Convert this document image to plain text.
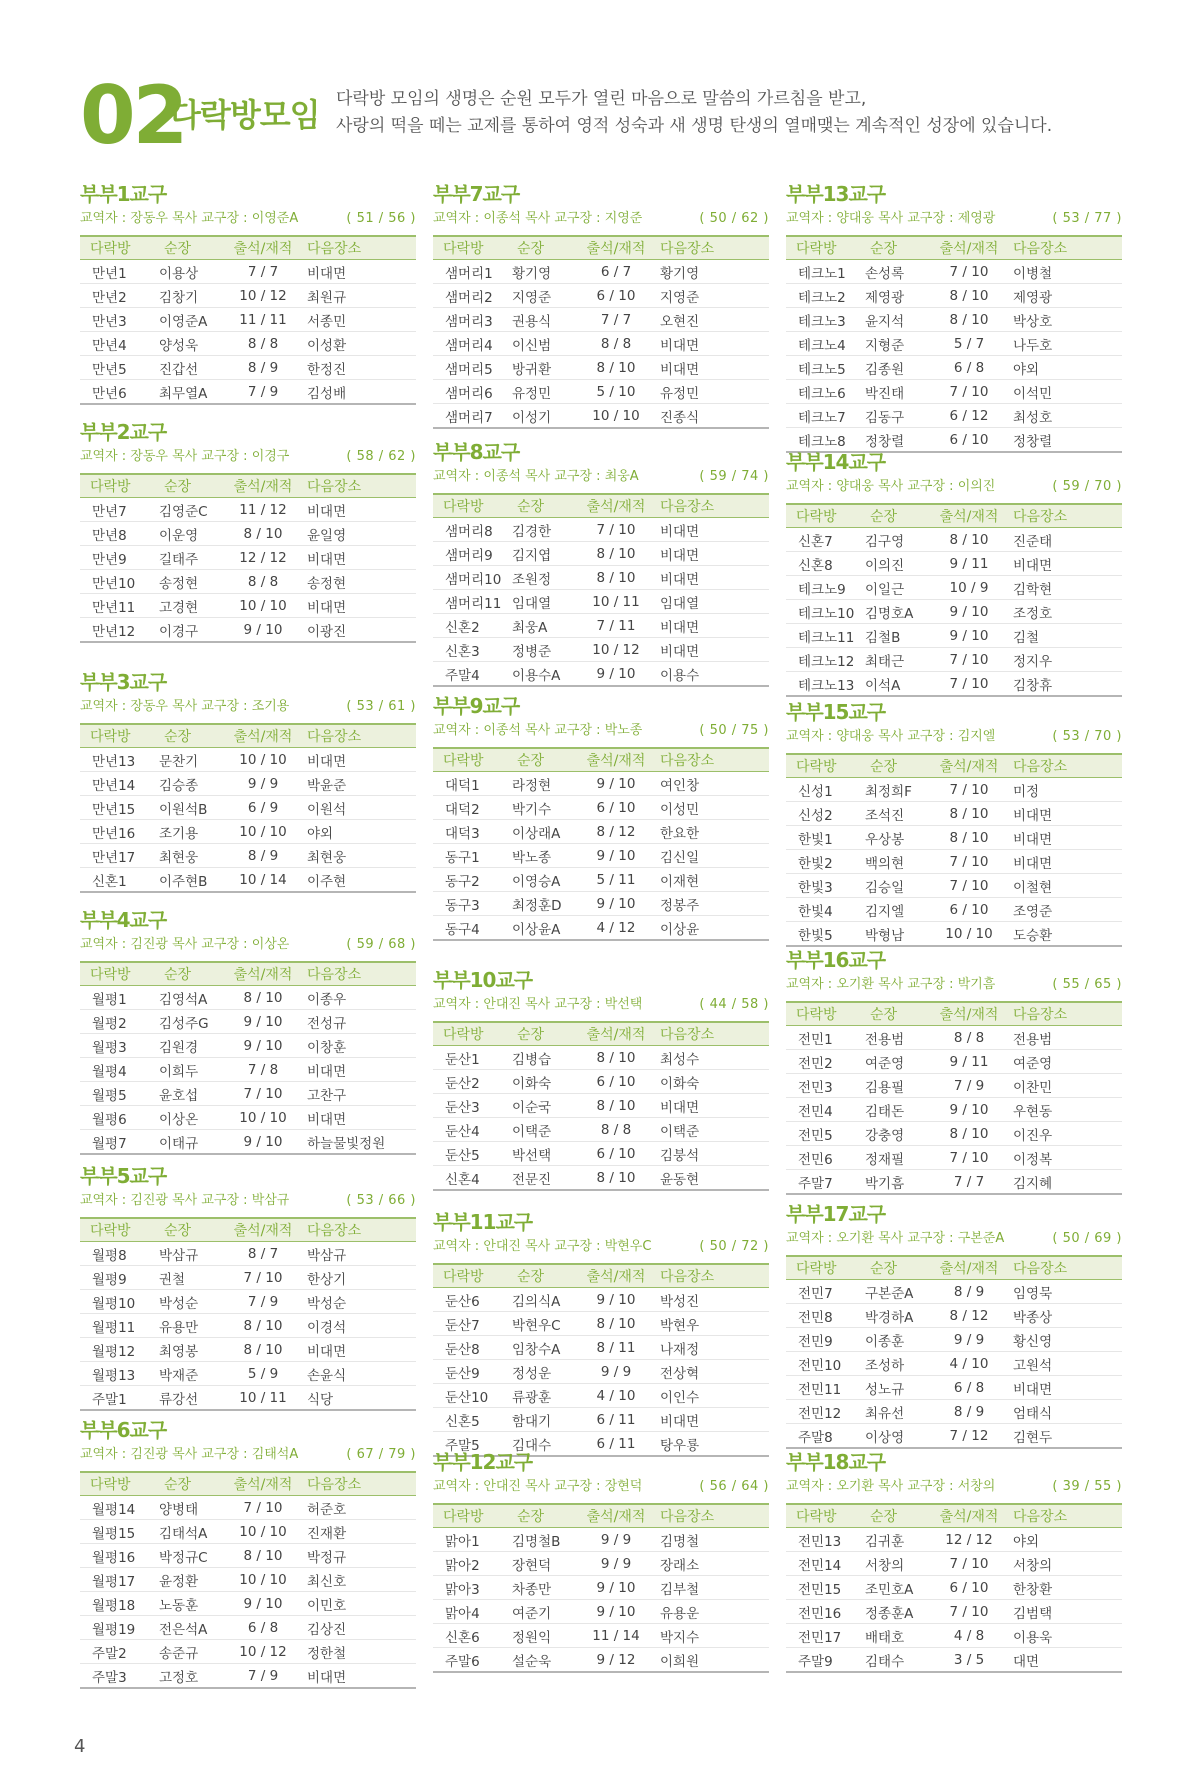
02
다락방모임 다락방 모임의 생명은 순원 모두가 열린 마음으로 말씀의 가르침을 받고,
사랑의 떡을 떼는 교제를 통하여 영적 성숙과 새 생명 탄생의 열매맺는 계속적인 성장에 있습니다.
부부1교구
교역자 : 장동우 목사 교구장 : 이영준A	( 51 / 56 )
다락방	순장	출석/재적	다음장소
만년1	이용상	7 / 7	비대면
만년2	김창기	10 / 12	최원규
만년3	이영준A	11 / 11	서종민
만년4	양성욱	8 / 8	이성환
만년5	진갑선	8 / 9	한정진
만년6	최무열A	7 / 9	김성배
부부2교구
교역자 : 장동우 목사 교구장 : 이경구	( 58 / 62 )
다락방	순장	출석/재적	다음장소
만년7	김영준C	11 / 12	비대면
만년8	이운영	8 / 10	윤일영
만년9	길태주	12 / 12	비대면
만년10	송정현	8 / 8	송정현
만년11	고경현	10 / 10	비대면
만년12	이경구	9 / 10	이광진
부부3교구
교역자 : 장동우 목사 교구장 : 조기용	( 53 / 61 )
다락방	순장	출석/재적	다음장소
만년13	문찬기	10 / 10	비대면
만년14	김승종	9 / 9	박윤준
만년15	이원석B	6 / 9	이원석
만년16	조기용	10 / 10	야외
만년17	최현웅	8 / 9	최현웅
신혼1	이주현B	10 / 14	이주현
부부4교구
교역자 : 김진광 목사 교구장 : 이상온	( 59 / 68 )
다락방	순장	출석/재적	다음장소
월평1	김영석A	8 / 10	이종우
월평2	김성주G	9 / 10	전성규
월평3	김원경	9 / 10	이창훈
월평4	이희두	7 / 8	비대면
월평5	윤호섭	7 / 10	고찬구
월평6	이상온	10 / 10	비대면
월평7	이태규	9 / 10	하늘물빛정원
부부5교구
교역자 : 김진광 목사 교구장 : 박삼규	( 53 / 66 )
다락방	순장	출석/재적	다음장소
월평8	박삼규	8 / 7	박삼규
월평9	권철	7 / 10	한상기
월평10	박성순	7 / 9	박성순
월평11	유용만	8 / 10	이경석
월평12	최영봉	8 / 10	비대면
월평13	박재준	5 / 9	손윤식
주말1	류강선	10 / 11	식당
부부6교구
교역자 : 김진광 목사 교구장 : 김태석A	( 67 / 79 )
다락방	순장	출석/재적	다음장소
월평14	양병태	7 / 10	허준호
월평15	김태석A	10 / 10	진재환
월평16	박정규C	8 / 10	박정규
월평17	윤정환	10 / 10	최신호
월평18	노동훈	9 / 10	이민호
월평19	전은석A	6 / 8	김상진
주말2	송준규	10 / 12	정한철
주말3	고정호	7 / 9	비대면
부부7교구
교역자 : 이종석 목사 교구장 : 지영준	( 50 / 62 )
다락방	순장	출석/재적	다음장소
샘머리1	황기영	6 / 7	황기영
샘머리2	지영준	6 / 10	지영준
샘머리3	권용식	7 / 7	오현진
샘머리4	이신범	8 / 8	비대면
샘머리5	방귀환	8 / 10	비대면
샘머리6	유정민	5 / 10	유정민
샘머리7	이성기	10 / 10	진종식
부부8교구
교역자 : 이종석 목사 교구장 : 최웅A	( 59 / 74 )
다락방	순장	출석/재적	다음장소
샘머리8	김경한	7 / 10	비대면
샘머리9	김지엽	8 / 10	비대면
샘머리10	조원정	8 / 10	비대면
샘머리11	임대열	10 / 11	임대열
신혼2	최웅A	7 / 11	비대면
신혼3	정병준	10 / 12	비대면
주말4	이용수A	9 / 10	이용수
부부9교구
교역자 : 이종석 목사 교구장 : 박노종	( 50 / 75 )
다락방	순장	출석/재적	다음장소
대덕1	라정현	9 / 10	여인창
대덕2	박기수	6 / 10	이성민
대덕3	이상래A	8 / 12	한요한
동구1	박노종	9 / 10	김신일
동구2	이영승A	5 / 11	이재현
동구3	최정훈D	9 / 10	정봉주
동구4	이상윤A	4 / 12	이상윤
부부10교구
교역자 : 안대진 목사 교구장 : 박선택	( 44 / 58 )
다락방	순장	출석/재적	다음장소
둔산1	김병습	8 / 10	최성수
둔산2	이화숙	6 / 10	이화숙
둔산3	이순국	8 / 10	비대면
둔산4	이택준	8 / 8	이택준
둔산5	박선택	6 / 10	김붕석
신혼4	전문진	8 / 10	윤동현
부부11교구
교역자 : 안대진 목사 교구장 : 박현우C	( 50 / 72 )
다락방	순장	출석/재적	다음장소
둔산6	김의식A	9 / 10	박성진
둔산7	박현우C	8 / 10	박현우
둔산8	임창수A	8 / 11	나재정
둔산9	정성운	9 / 9	전상혁
둔산10	류광훈	4 / 10	이인수
신혼5	함대기	6 / 11	비대면
주말5	김대수	6 / 11	탕우룡
부부12교구
교역자 : 안대진 목사 교구장 : 장현덕	( 56 / 64 )
다락방	순장	출석/재적	다음장소
맑아1	김명철B	9 / 9	김명철
맑아2	장현덕	9 / 9	장래소
맑아3	차종만	9 / 10	김부철
맑아4	여준기	9 / 10	유용운
신혼6	정원익	11 / 14	박지수
주말6	설순욱	9 / 12	이희원
부부13교구
교역자 : 양대웅 목사 교구장 : 제영광	( 53 / 77 )
다락방	순장	출석/재적	다음장소
테크노1	손성록	7 / 10	이병철
테크노2	제영광	8 / 10	제영광
테크노3	윤지석	8 / 10	박상호
테크노4	지형준	5 / 7	나두호
테크노5	김종원	6 / 8	야외
테크노6	박진태	7 / 10	이석민
테크노7	김동구	6 / 12	최성호
테크노8	정창렬	6 / 10	정창렬
부부14교구
교역자 : 양대웅 목사 교구장 : 이의진	( 59 / 70 )
다락방	순장	출석/재적	다음장소
신혼7	김구영	8 / 10	진준태
신혼8	이의진	9 / 11	비대면
테크노9	이일근	10 / 9	김학현
테크노10	김명호A	9 / 10	조정호
테크노11	김철B	9 / 10	김철
테크노12	최태근	7 / 10	정지우
테크노13	이석A	7 / 10	김창휴
부부15교구
교역자 : 양대웅 목사 교구장 : 김지엘	( 53 / 70 )
다락방	순장	출석/재적	다음장소
신성1	최정희F	7 / 10	미정
신성2	조석진	8 / 10	비대면
한빛1	우상봉	8 / 10	비대면
한빛2	백의현	7 / 10	비대면
한빛3	김승일	7 / 10	이철현
한빛4	김지엘	6 / 10	조영준
한빛5	박형남	10 / 10	도승환
부부16교구
교역자 : 오기환 목사 교구장 : 박기흠	( 55 / 65 )
다락방	순장	출석/재적	다음장소
전민1	전용범	8 / 8	전용범
전민2	여준영	9 / 11	여준영
전민3	김용필	7 / 9	이찬민
전민4	김태돈	9 / 10	우현동
전민5	강충영	8 / 10	이진우
전민6	정재필	7 / 10	이정복
주말7	박기흠	7 / 7	김지혜
부부17교구
교역자 : 오기환 목사 교구장 : 구본준A	( 50 / 69 )
다락방	순장	출석/재적	다음장소
전민7	구본준A	8 / 9	임영묵
전민8	박경하A	8 / 12	박종상
전민9	이종훈	9 / 9	황신영
전민10	조성하	4 / 10	고원석
전민11	성노규	6 / 8	비대면
전민12	최유선	8 / 9	엄태식
주말8	이상영	7 / 12	김현두
부부18교구
교역자 : 오기환 목사 교구장 : 서창의	( 39 / 55 )
다락방	순장	출석/재적	다음장소
전민13	김귀훈	12 / 12	야외
전민14	서창의	7 / 10	서창의
전민15	조민호A	6 / 10	한창환
전민16	정종훈A	7 / 10	김범택
전민17	배태호	4 / 8	이용욱
주말9	김태수	3 / 5	대면
4
